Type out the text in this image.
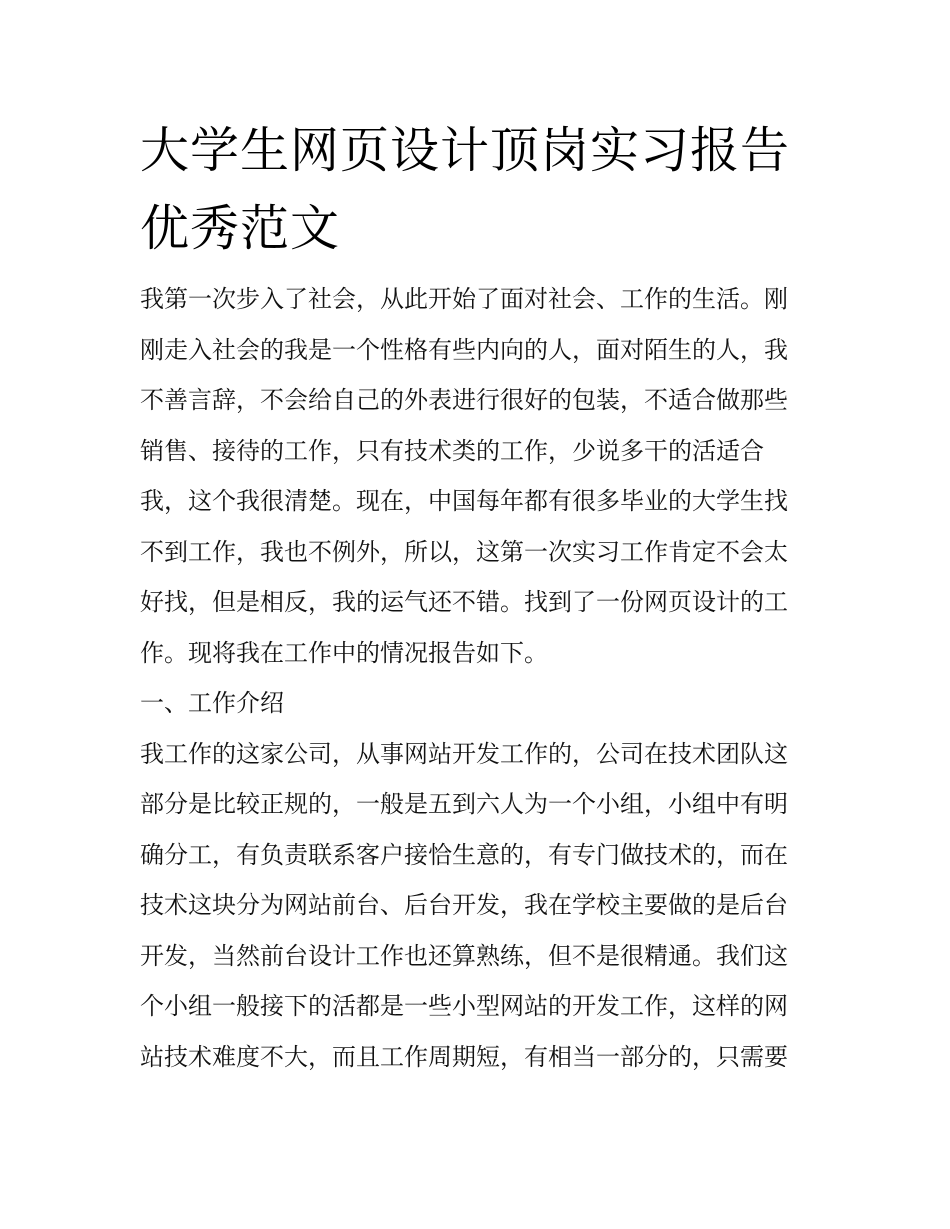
大学生网页设计顶岗实习报告
优秀范文
我第一次步入了社会，从此开始了面对社会、工作的生活。刚
刚走入社会的我是一个性格有些内向的人，面对陌生的人，我
不善言辞，不会给自己的外表进行很好的包装，不适合做那些
销售、接待的工作，只有技术类的工作，少说多干的活适合
我，这个我很清楚。现在，中国每年都有很多毕业的大学生找
不到工作，我也不例外，所以，这第一次实习工作肯定不会太
好找，但是相反，我的运气还不错。找到了一份网页设计的工
作。现将我在工作中的情况报告如下。
一、工作介绍
我工作的这家公司，从事网站开发工作的，公司在技术团队这
部分是比较正规的，一般是五到六人为一个小组，小组中有明
确分工，有负责联系客户接恰生意的，有专门做技术的，而在
技术这块分为网站前台、后台开发，我在学校主要做的是后台
开发，当然前台设计工作也还算熟练，但不是很精通。我们这
个小组一般接下的活都是一些小型网站的开发工作，这样的网
站技术难度不大，而且工作周期短，有相当一部分的，只需要
